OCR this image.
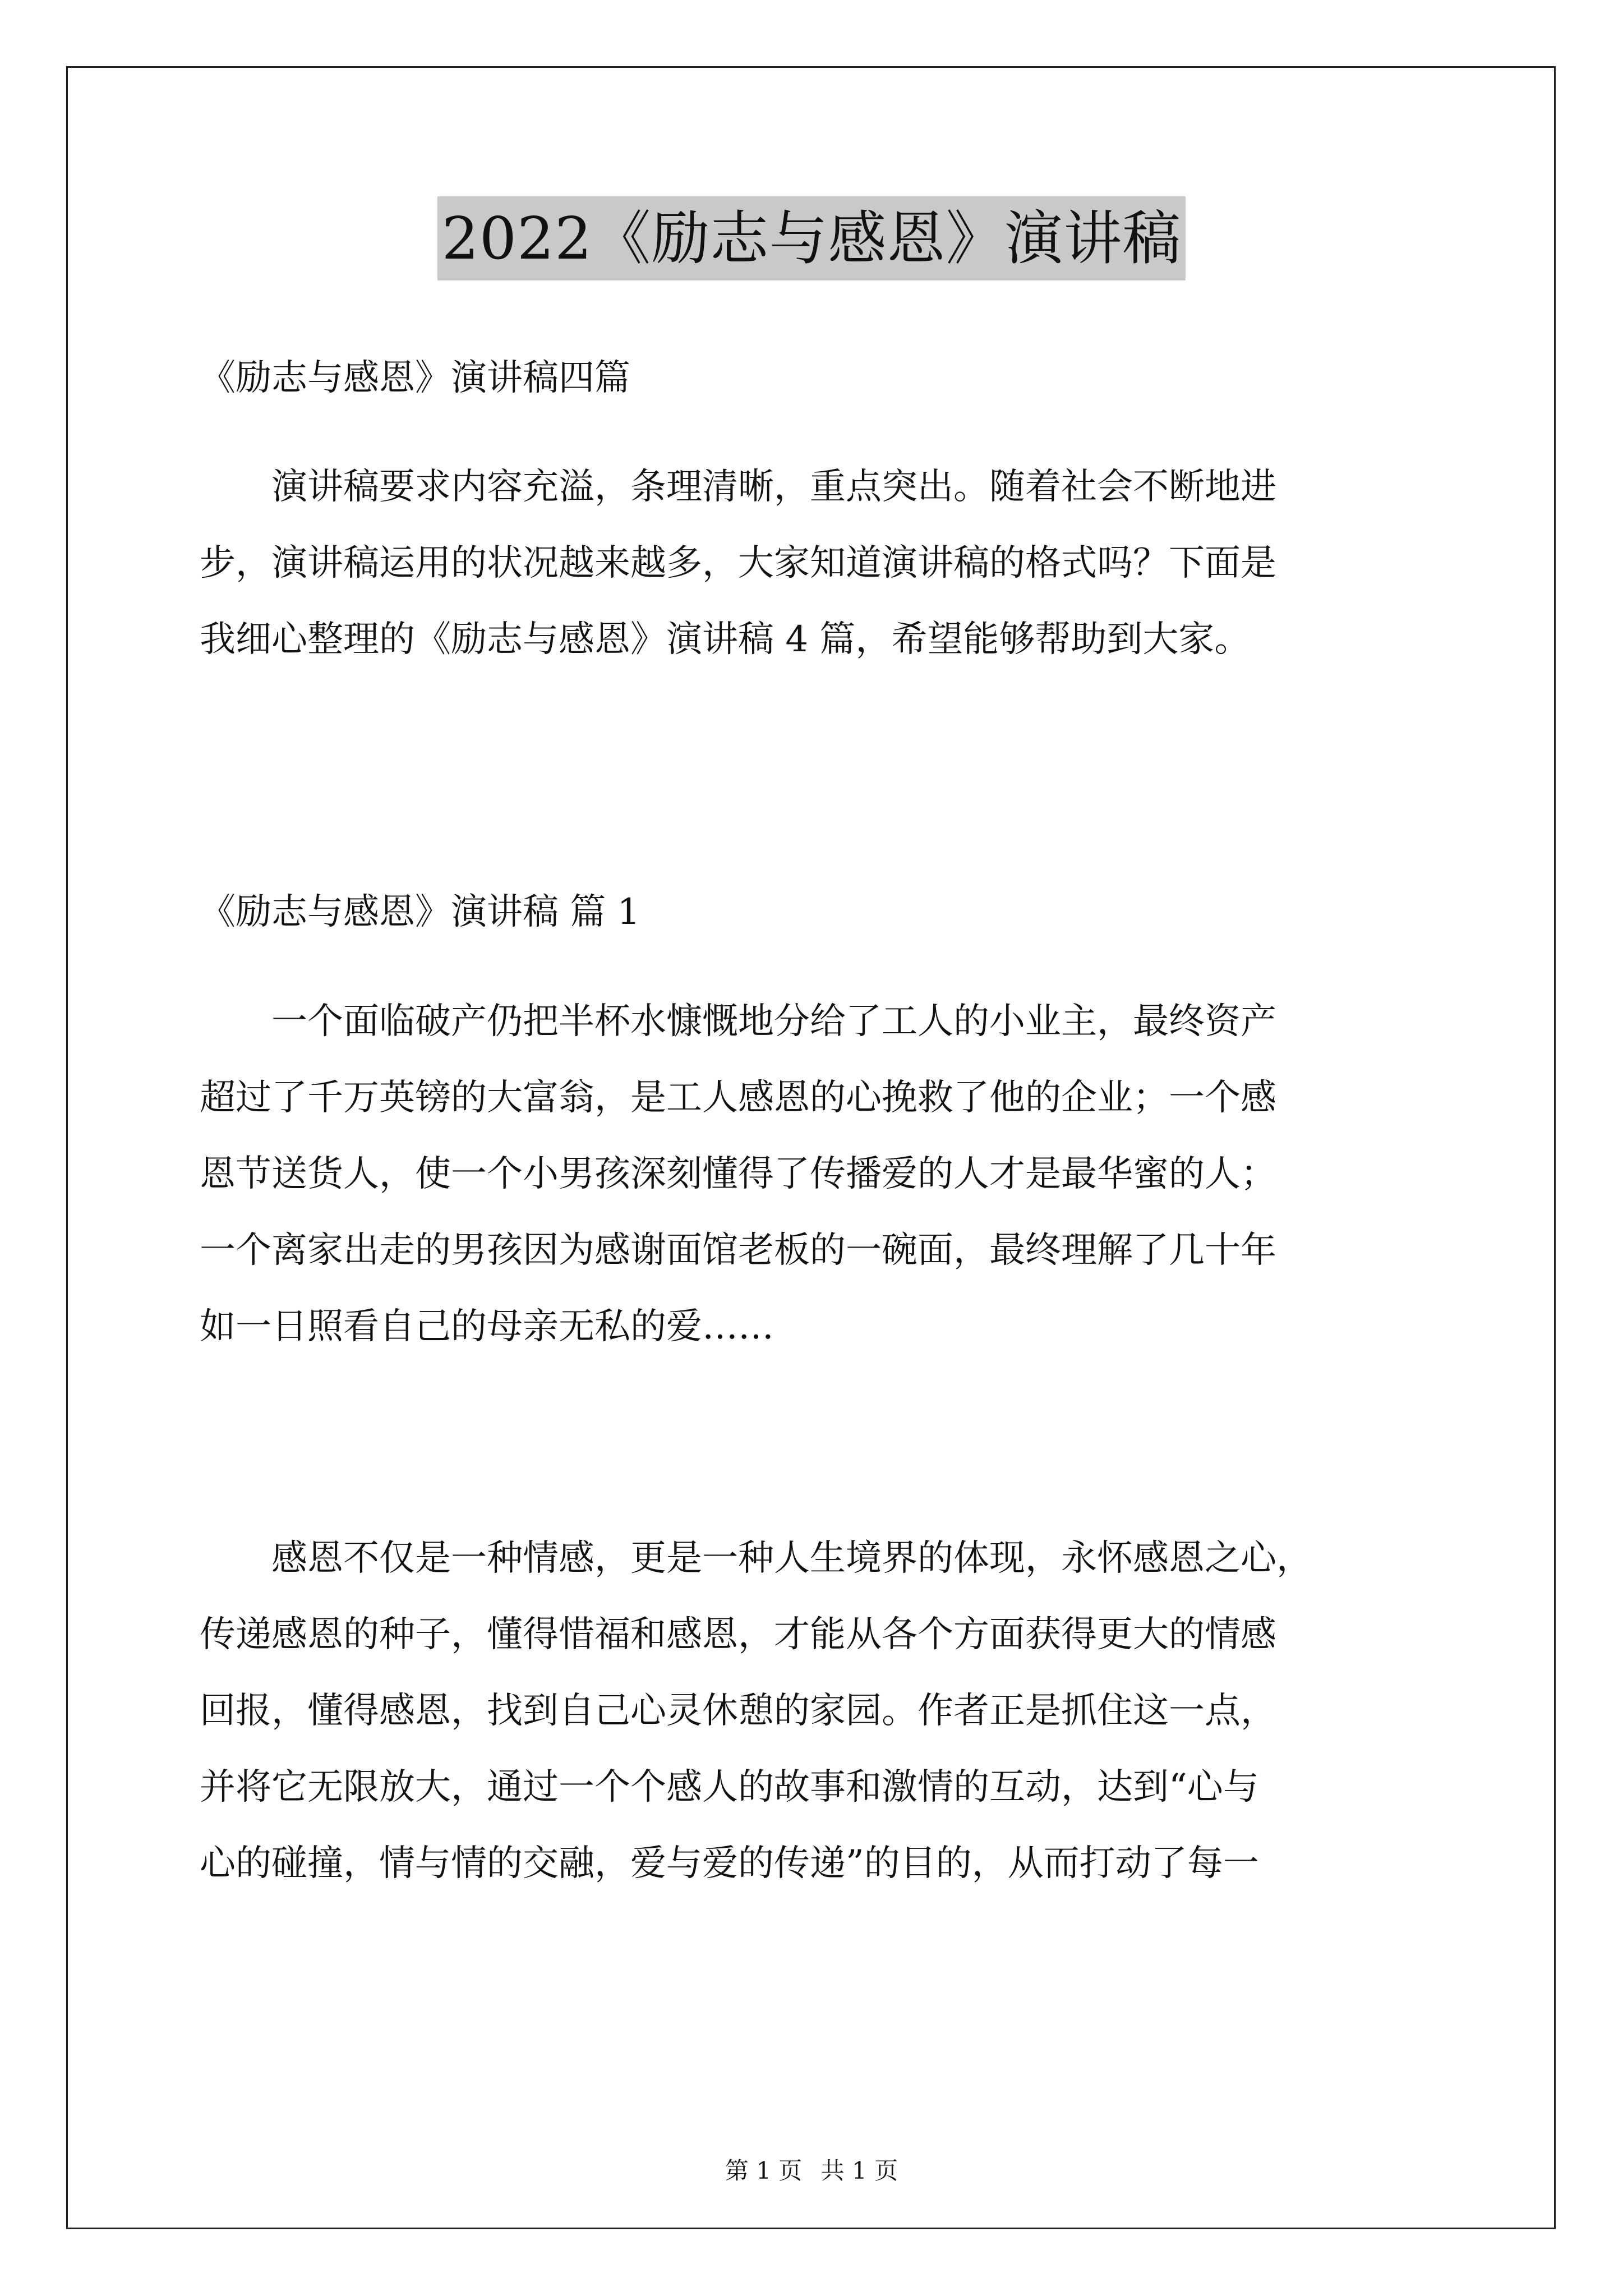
2022《励志与感恩》演讲稿
《励志与感恩》演讲稿四篇
　　演讲稿要求内容充溢，条理清晰，重点突出。随着社会不断地进
步，演讲稿运用的状况越来越多，大家知道演讲稿的格式吗？下面是
我细心整理的《励志与感恩》演讲稿 4 篇，希望能够帮助到大家。
《励志与感恩》演讲稿 篇 1
　　一个面临破产仍把半杯水慷慨地分给了工人的小业主，最终资产
超过了千万英镑的大富翁，是工人感恩的心挽救了他的企业；一个感
恩节送货人，使一个小男孩深刻懂得了传播爱的人才是最华蜜的人；
一个离家出走的男孩因为感谢面馆老板的一碗面，最终理解了几十年
如一日照看自己的母亲无私的爱……
　　感恩不仅是一种情感，更是一种人生境界的体现，永怀感恩之心，
传递感恩的种子，懂得惜福和感恩，才能从各个方面获得更大的情感
回报，懂得感恩，找到自己心灵休憩的家园。作者正是抓住这一点，
并将它无限放大，通过一个个感人的故事和激情的互动，达到“心与
心的碰撞，情与情的交融，爱与爱的传递”的目的，从而打动了每一
第 1 页 共 1 页
